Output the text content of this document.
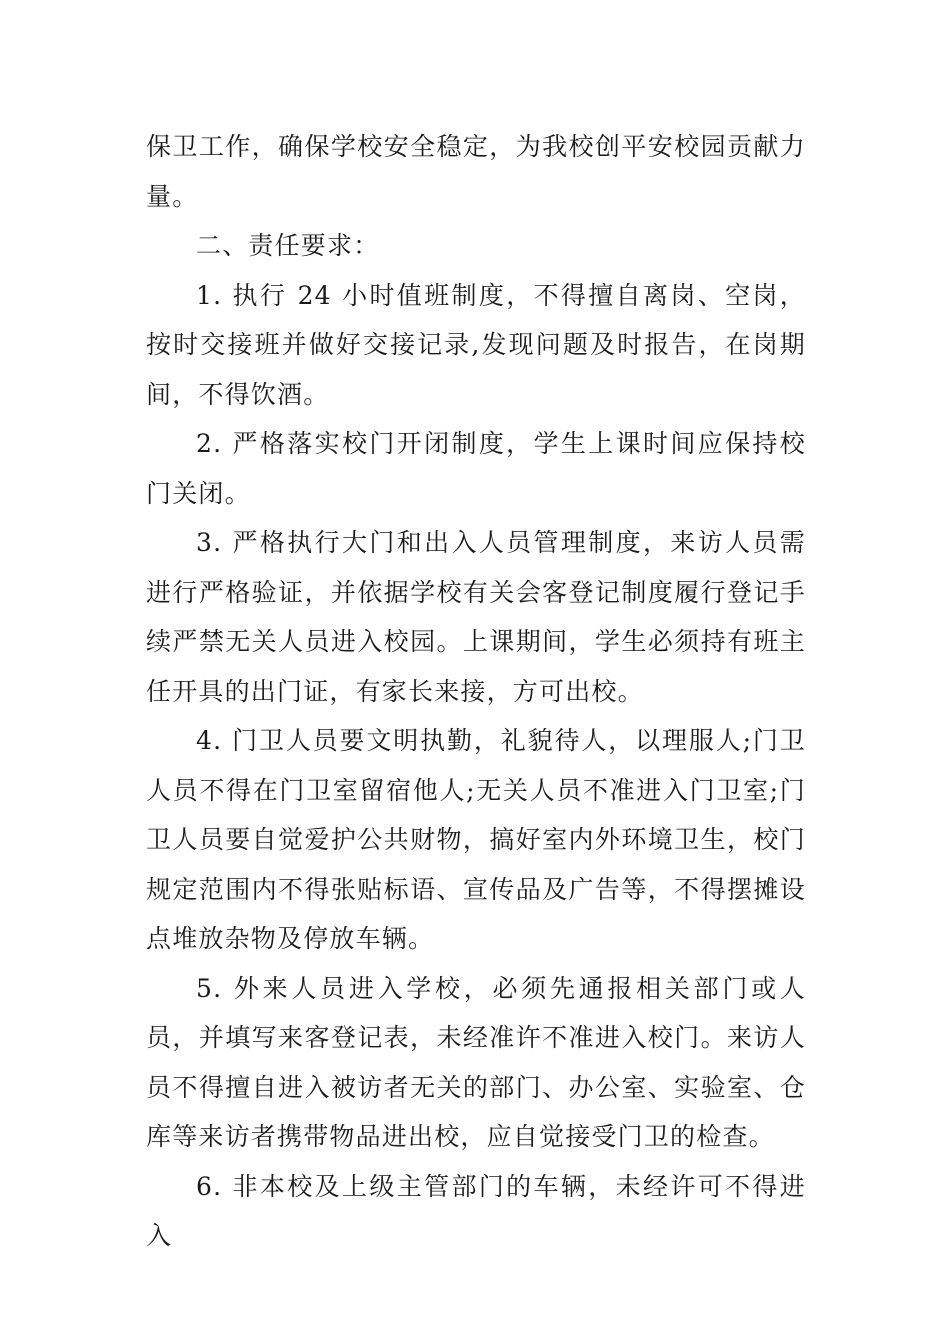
保卫工作，确保学校安全稳定，为我校创平安校园贡献力量。

二、责任要求：

1. 执行 24 小时值班制度，不得擅自离岗、空岗，按时交接班并做好交接记录,发现问题及时报告，在岗期间，不得饮酒。

2. 严格落实校门开闭制度，学生上课时间应保持校门关闭。

3. 严格执行大门和出入人员管理制度，来访人员需进行严格验证，并依据学校有关会客登记制度履行登记手续严禁无关人员进入校园。上课期间，学生必须持有班主任开具的出门证，有家长来接，方可出校。

4. 门卫人员要文明执勤，礼貌待人，以理服人;门卫人员不得在门卫室留宿他人;无关人员不准进入门卫室;门卫人员要自觉爱护公共财物，搞好室内外环境卫生，校门规定范围内不得张贴标语、宣传品及广告等，不得摆摊设点堆放杂物及停放车辆。

5. 外来人员进入学校，必须先通报相关部门或人员，并填写来客登记表，未经准许不准进入校门。来访人员不得擅自进入被访者无关的部门、办公室、实验室、仓库等来访者携带物品进出校，应自觉接受门卫的检查。

6. 非本校及上级主管部门的车辆，未经许可不得进入
